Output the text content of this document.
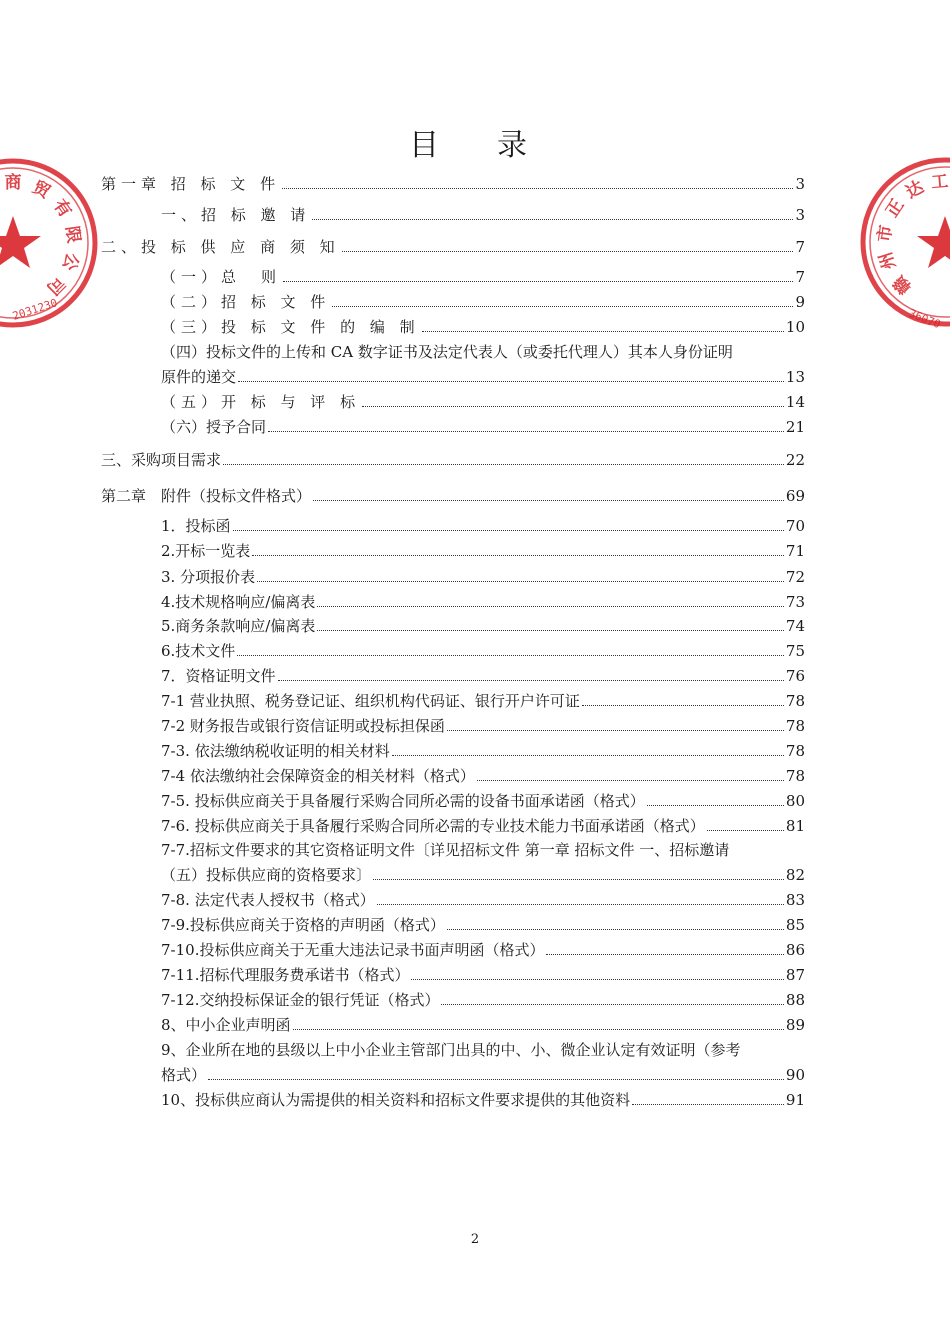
商 贸
有
限
公
司
2031230
赣
州
市
正
达 工
36070
目　录
第一章 招 标 文 件	3
一、招 标 邀 请	3
二、投 标 供 应 商 须 知	7
（一）总　则	7
（二）招 标 文 件	9
（三）投 标 文 件 的 编 制	10
（四）投标文件的上传和 CA 数字证书及法定代表人（或委托代理人）其本人身份证明
原件的递交	13
（五）开 标 与 评 标	14
（六）授予合同	21
三、采购项目需求	22
第二章　附件（投标文件格式）	69
1．投标函	70
2.开标一览表	71
3. 分项报价表	72
4.技术规格响应/偏离表	73
5.商务条款响应/偏离表	74
6.技术文件	75
7．资格证明文件	76
7-1 营业执照、税务登记证、组织机构代码证、银行开户许可证	78
7-2 财务报告或银行资信证明或投标担保函	78
7-3. 依法缴纳税收证明的相关材料	78
7-4 依法缴纳社会保障资金的相关材料（格式）	78
7-5. 投标供应商关于具备履行采购合同所必需的设备书面承诺函（格式）	80
7-6. 投标供应商关于具备履行采购合同所必需的专业技术能力书面承诺函（格式）	81
7-7.招标文件要求的其它资格证明文件〔详见招标文件 第一章 招标文件 一、招标邀请
（五）投标供应商的资格要求〕	82
7-8. 法定代表人授权书（格式）	83
7-9.投标供应商关于资格的声明函（格式）	85
7-10.投标供应商关于无重大违法记录书面声明函（格式）	86
7-11.招标代理服务费承诺书（格式）	87
7-12.交纳投标保证金的银行凭证（格式）	88
8、中小企业声明函	89
9、企业所在地的县级以上中小企业主管部门出具的中、小、微企业认定有效证明（参考
格式）	90
10、投标供应商认为需提供的相关资料和招标文件要求提供的其他资料	91
2
